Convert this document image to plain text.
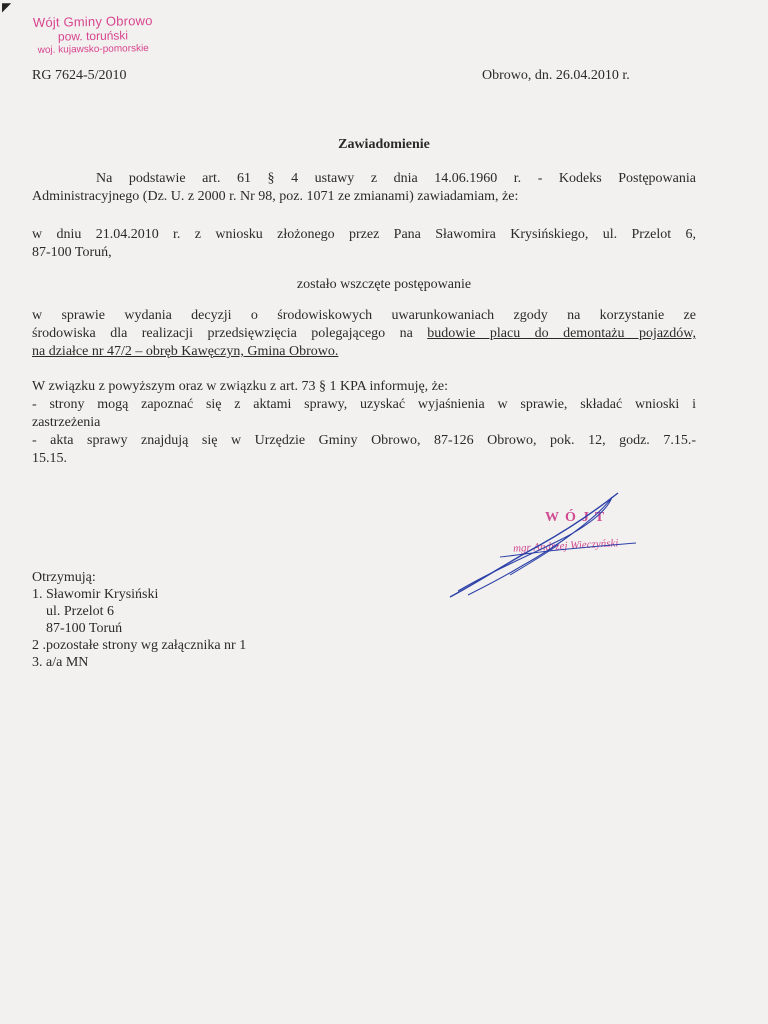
◤
Wójt Gminy Obrowo
pow. toruński
woj. kujawsko-pomorskie
RG 7624-5/2010	Obrowo, dn. 26.04.2010 r.
Zawiadomienie
Na podstawie art. 61 § 4 ustawy z dnia 14.06.1960 r. - Kodeks Postępowania
Administracyjnego (Dz. U. z 2000 r. Nr 98, poz. 1071 ze zmianami) zawiadamiam, że:
w dniu 21.04.2010 r. z wniosku złożonego przez Pana Sławomira Krysińskiego, ul. Przelot 6,
87-100 Toruń,
zostało wszczęte postępowanie
w sprawie wydania decyzji o środowiskowych uwarunkowaniach zgody na korzystanie ze
środowiska dla realizacji przedsięwzięcia polegającego na budowie placu do demontażu pojazdów,
na działce nr 47/2 – obręb Kawęczyn, Gmina Obrowo.
W związku z powyższym oraz w związku z art. 73 § 1 KPA informuję, że:
- strony mogą zapoznać się z aktami sprawy, uzyskać wyjaśnienia w sprawie, składać wnioski i
zastrzeżenia
- akta sprawy znajdują się w Urzędzie Gminy Obrowo, 87-126 Obrowo, pok. 12, godz. 7.15.-
15.15.
WÓJT
mgr Andrzej Wieczyński
Otrzymują:
1. Sławomir Krysiński
ul. Przelot 6
87-100 Toruń
2 .pozostałe strony wg załącznika nr 1
3. a/a MN
